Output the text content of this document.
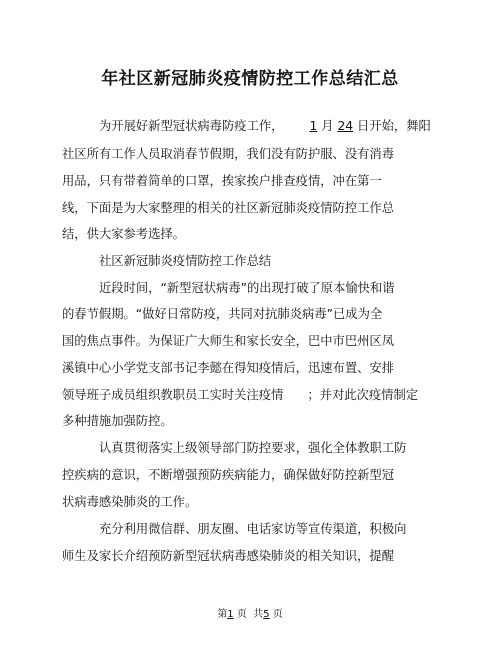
年社区新冠肺炎疫情防控工作总结汇总
为开展好新型冠状病毒防疫工作， 1 月 24 日开始，舞阳
社区所有工作人员取消春节假期，我们没有防护服、没有消毒
用品，只有带着简单的口罩，挨家挨户排查疫情，冲在第一
线，下面是为大家整理的相关的社区新冠肺炎疫情防控工作总
结，供大家参考选择。
社区新冠肺炎疫情防控工作总结
近段时间，“新型冠状病毒”的出现打破了原本愉快和谐
的春节假期。“做好日常防疫，共同对抗肺炎病毒”已成为全
国的焦点事件。为保证广大师生和家长安全，巴中市巴州区凤
溪镇中心小学党支部书记李懿在得知疫情后，迅速布置、安排
领导班子成员组织教职员工实时关注疫情 ；并对此次疫情制定
多种措施加强防控。
认真贯彻落实上级领导部门防控要求，强化全体教职工防
控疾病的意识，不断增强预防疾病能力，确保做好防控新型冠
状病毒感染肺炎的工作。
充分利用微信群、朋友圈、电话家访等宣传渠道，积极向
师生及家长介绍预防新型冠状病毒感染肺炎的相关知识，提醒
第1 页  共5 页
